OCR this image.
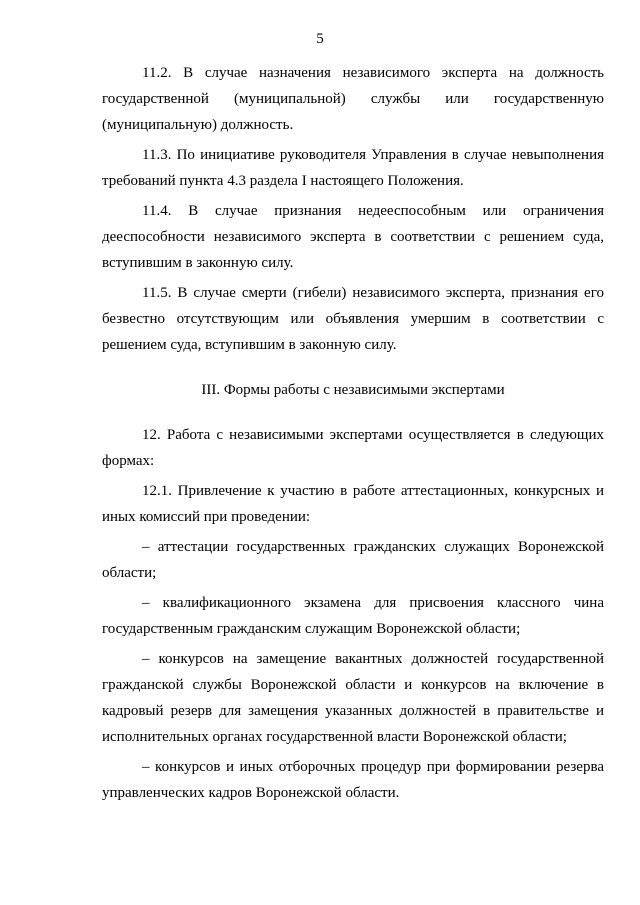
5

11.2. В случае назначения независимого эксперта на должность государственной (муниципальной) службы или государственную (муниципальную) должность.

11.3. По инициативе руководителя Управления в случае невыполнения требований пункта 4.3 раздела I настоящего Положения.

11.4. В случае признания недееспособным или ограничения дееспособности независимого эксперта в соответствии с решением суда, вступившим в законную силу.

11.5. В случае смерти (гибели) независимого эксперта, признания его безвестно отсутствующим или объявления умершим в соответствии с решением суда, вступившим в законную силу.

III. Формы работы с независимыми экспертами

12. Работа с независимыми экспертами осуществляется в следующих формах:

12.1. Привлечение к участию в работе аттестационных, конкурсных и иных комиссий при проведении:

– аттестации государственных гражданских служащих Воронежской области;

– квалификационного экзамена для присвоения классного чина государственным гражданским служащим Воронежской области;

– конкурсов на замещение вакантных должностей государственной гражданской службы Воронежской области и конкурсов на включение в кадровый резерв для замещения указанных должностей в правительстве и исполнительных органах государственной власти Воронежской области;

– конкурсов и иных отборочных процедур при формировании резерва управленческих кадров Воронежской области.
